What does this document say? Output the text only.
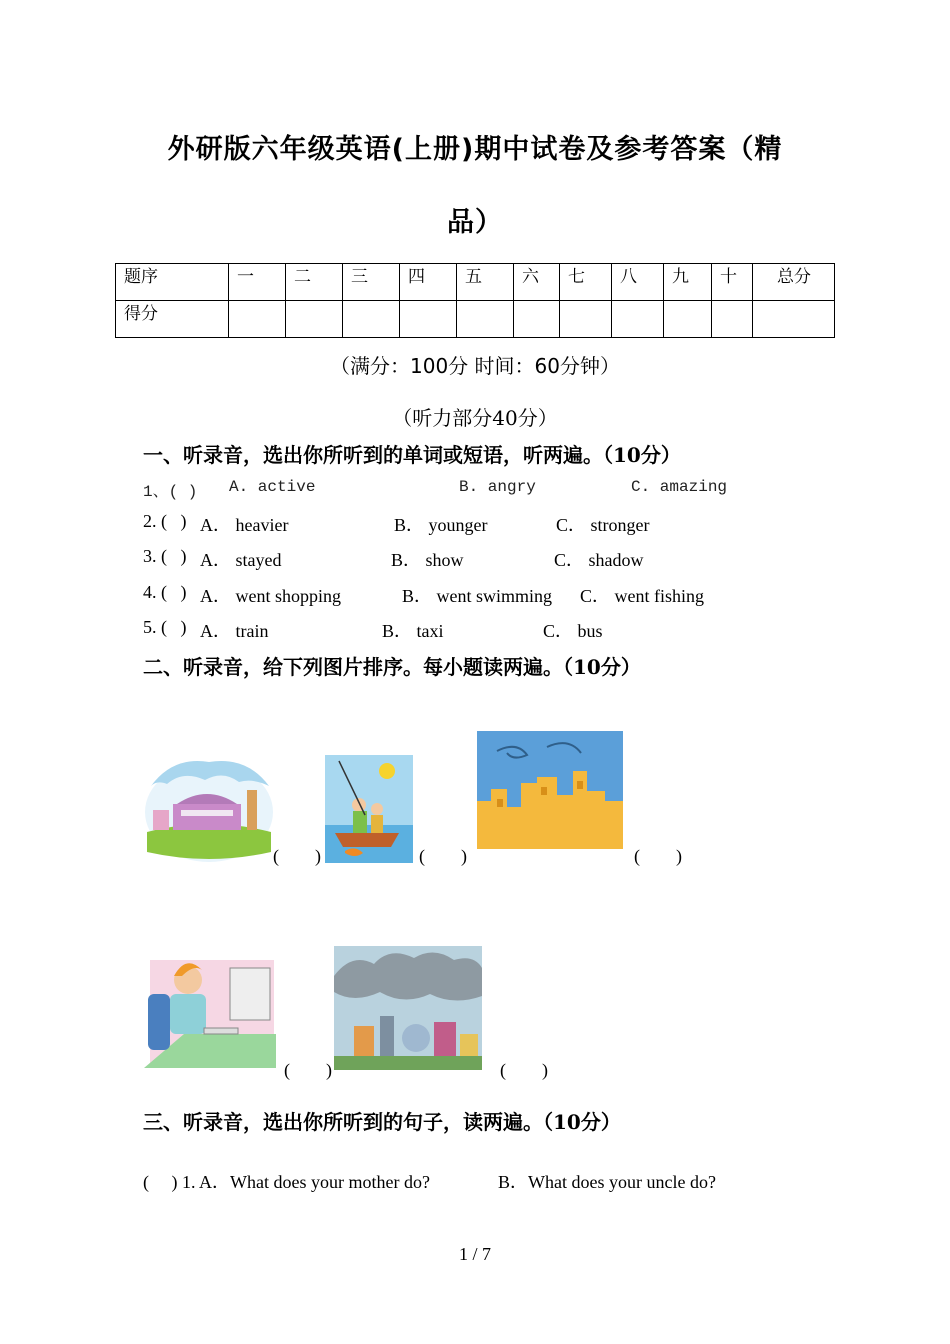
外研版六年级英语(上册)期中试卷及参考答案（精
品）
题序	一	二	三	四	五	六	七	八	九	十	总分
得分											
（满分：100分 时间：60分钟）
（听力部分40分）
一、听录音，选出你所听到的单词或短语，听两遍。（10分）
1、( ) A. active	B. angry	C. amazing
2. (   ) A． heavier	B． younger	C． stronger
3. (   ) A． stayed	B． show	C． shadow
4. (   ) A． went shopping	B． went swimming C． went fishing
5. (   ) A． train	B． taxi	C． bus
二、听录音，给下列图片排序。每小题读两遍。（10分）
(        )	(        )	(        )
(        )	(        )
三、听录音，选出你所听到的句子，读两遍。（10分）
(     ) 1. A．What does your mother do?	B．What does your uncle do?
1 / 7
